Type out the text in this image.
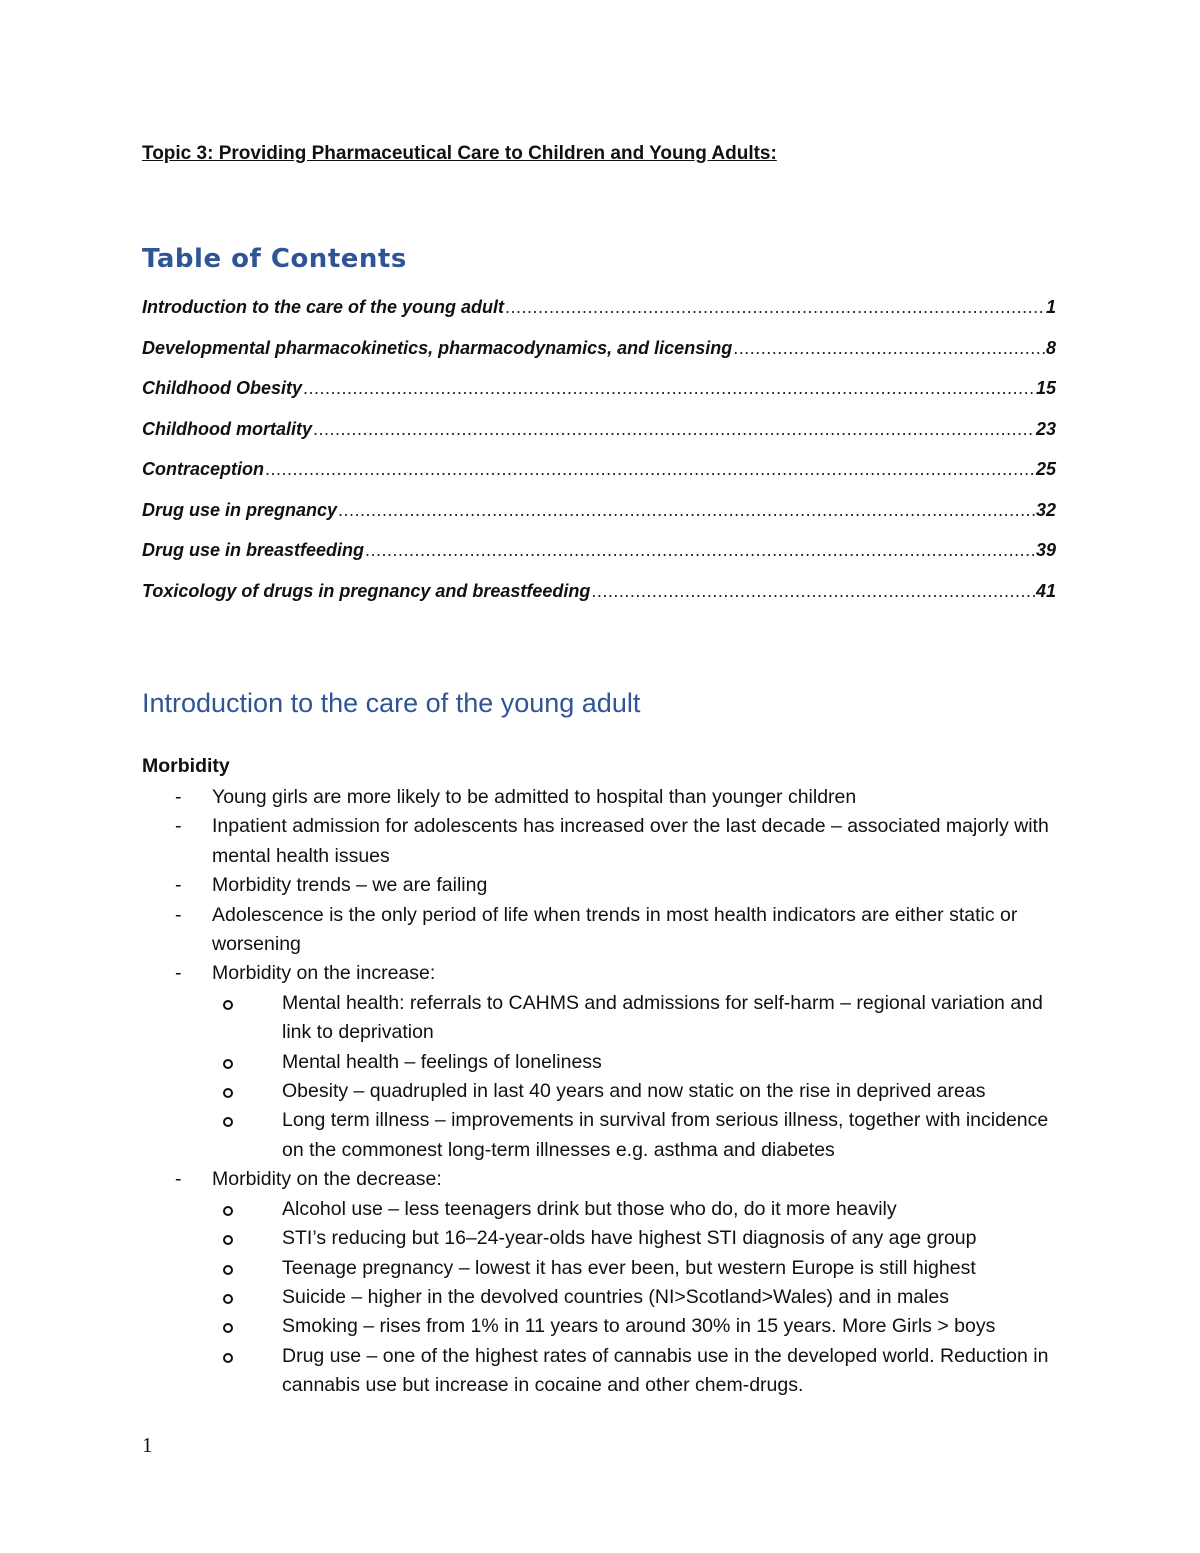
Topic 3: Providing Pharmaceutical Care to Children and Young Adults:
Table of Contents
Introduction to the care of the young adult .....	1
Developmental pharmacokinetics, pharmacodynamics, and licensing .....	8
Childhood Obesity .....	15
Childhood mortality .....	23
Contraception .....	25
Drug use in pregnancy .....	32
Drug use in breastfeeding .....	39
Toxicology of drugs in pregnancy and breastfeeding .....	41
Introduction to the care of the young adult
Morbidity
- Young girls are more likely to be admitted to hospital than younger children
- Inpatient admission for adolescents has increased over the last decade – associated majorly with mental health issues
- Morbidity trends – we are failing
- Adolescence is the only period of life when trends in most health indicators are either static or worsening
- Morbidity on the increase:
Mental health: referrals to CAHMS and admissions for self-harm – regional variation and link to deprivation
Mental health – feelings of loneliness
Obesity – quadrupled in last 40 years and now static on the rise in deprived areas
Long term illness – improvements in survival from serious illness, together with incidence on the commonest long-term illnesses e.g. asthma and diabetes
- Morbidity on the decrease:
Alcohol use – less teenagers drink but those who do, do it more heavily
STI’s reducing but 16–24-year-olds have highest STI diagnosis of any age group
Teenage pregnancy – lowest it has ever been, but western Europe is still highest
Suicide – higher in the devolved countries (NI>Scotland>Wales) and in males
Smoking – rises from 1% in 11 years to around 30% in 15 years. More Girls > boys
Drug use – one of the highest rates of cannabis use in the developed world. Reduction in cannabis use but increase in cocaine and other chem-drugs.
1
